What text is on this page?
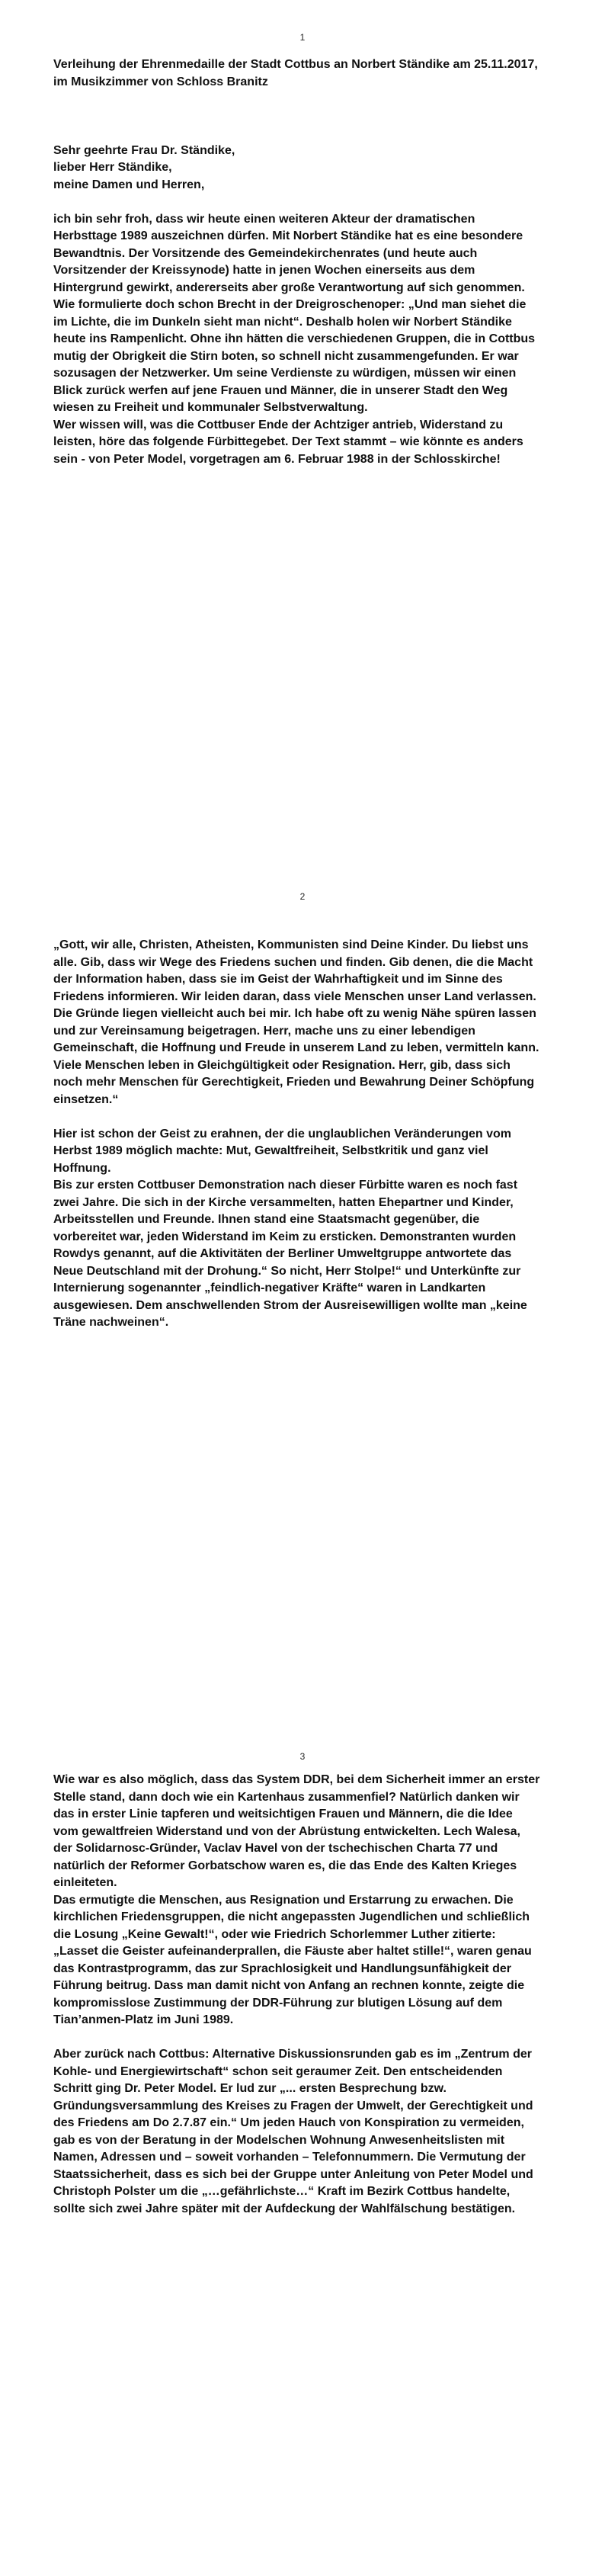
1

Verleihung der Ehrenmedaille der Stadt Cottbus an Norbert Ständike am 25.11.2017, im Musikzimmer von Schloss Branitz

Sehr geehrte Frau Dr. Ständike,

lieber Herr Ständike,

meine Damen und Herren,

ich bin sehr froh, dass wir heute einen weiteren Akteur der dramatischen Herbsttage 1989 auszeichnen dürfen. Mit Norbert Ständike hat es eine besondere Bewandtnis. Der Vorsitzende des Gemeindekirchenrates (und heute auch Vorsitzender der Kreissynode) hatte in jenen Wochen einerseits aus dem Hintergrund gewirkt, andererseits aber große Verantwortung auf sich genommen. Wie formulierte doch schon Brecht in der Dreigroschenoper: „Und man siehet die im Lichte, die im Dunkeln sieht man nicht“. Deshalb holen wir Norbert Ständike heute ins Rampenlicht. Ohne ihn hätten die verschiedenen Gruppen, die in Cottbus mutig der Obrigkeit die Stirn boten, so schnell nicht zusammengefunden. Er war sozusagen der Netzwerker. Um seine Verdienste zu würdigen, müssen wir einen Blick zurück werfen auf jene Frauen und Männer, die in unserer Stadt den Weg wiesen zu Freiheit und kommunaler Selbstverwaltung.

Wer wissen will, was die Cottbuser Ende der Achtziger antrieb, Widerstand zu leisten, höre das folgende Fürbittegebet. Der Text stammt – wie könnte es anders sein - von Peter Model, vorgetragen am 6. Februar 1988 in der Schlosskirche!

2

„Gott, wir alle, Christen, Atheisten, Kommunisten sind Deine Kinder. Du liebst uns alle. Gib, dass wir Wege des Friedens suchen und finden. Gib denen, die die Macht der Information haben, dass sie im Geist der Wahrhaftigkeit und im Sinne des Friedens informieren. Wir leiden daran, dass viele Menschen unser Land verlassen. Die Gründe liegen vielleicht auch bei mir. Ich habe oft zu wenig Nähe spüren lassen und zur Vereinsamung beigetragen. Herr, mache uns zu einer lebendigen Gemeinschaft, die Hoffnung und Freude in unserem Land zu leben, vermitteln kann. Viele Menschen leben in Gleichgültigkeit oder Resignation. Herr, gib, dass sich noch mehr Menschen für Gerechtigkeit, Frieden und Bewahrung Deiner Schöpfung einsetzen.“

Hier ist schon der Geist zu erahnen, der die unglaublichen Veränderungen vom Herbst 1989 möglich machte: Mut, Gewaltfreiheit, Selbstkritik und ganz viel Hoffnung.

Bis zur ersten Cottbuser Demonstration nach dieser Fürbitte waren es noch fast zwei Jahre. Die sich in der Kirche versammelten, hatten Ehepartner und Kinder, Arbeitsstellen und Freunde. Ihnen stand eine Staatsmacht gegenüber, die vorbereitet war, jeden Widerstand im Keim zu ersticken. Demonstranten wurden Rowdys genannt, auf die Aktivitäten der Berliner Umweltgruppe antwortete das Neue Deutschland mit der Drohung.“ So nicht, Herr Stolpe!“ und Unterkünfte zur Internierung sogenannter „feindlich-negativer Kräfte“ waren in Landkarten ausgewiesen. Dem anschwellenden Strom der Ausreisewilligen wollte man „keine Träne nachweinen“.

3

Wie war es also möglich, dass das System DDR, bei dem Sicherheit immer an erster Stelle stand, dann doch wie ein Kartenhaus zusammenfiel? Natürlich danken wir das in erster Linie tapferen und weitsichtigen Frauen und Männern, die die Idee vom gewaltfreien Widerstand und von der Abrüstung entwickelten. Lech Walesa, der Solidarnosc-Gründer, Vaclav Havel von der tschechischen Charta 77 und natürlich der Reformer Gorbatschow waren es, die das Ende des Kalten Krieges einleiteten.

Das ermutigte die Menschen, aus Resignation und Erstarrung zu erwachen. Die kirchlichen Friedensgruppen, die nicht angepassten Jugendlichen und schließlich die Losung „Keine Gewalt!“, oder wie Friedrich Schorlemmer Luther zitierte: „Lasset die Geister aufeinanderprallen, die Fäuste aber haltet stille!“, waren genau das Kontrastprogramm, das zur Sprachlosigkeit und Handlungsunfähigkeit der Führung beitrug. Dass man damit nicht von Anfang an rechnen konnte, zeigte die kompromisslose Zustimmung der DDR-Führung zur blutigen Lösung auf dem Tian’anmen-Platz im Juni 1989.

Aber zurück nach Cottbus: Alternative Diskussionsrunden gab es im „Zentrum der Kohle- und Energiewirtschaft“ schon seit geraumer Zeit. Den entscheidenden Schritt ging Dr. Peter Model. Er lud zur „... ersten Besprechung bzw. Gründungsversammlung des Kreises zu Fragen der Umwelt, der Gerechtigkeit und des Friedens am Do 2.7.87 ein.“ Um jeden Hauch von Konspiration zu vermeiden, gab es von der Beratung in der Modelschen Wohnung Anwesenheitslisten mit Namen, Adressen und – soweit vorhanden – Telefonnummern. Die Vermutung der Staatssicherheit, dass es sich bei der Gruppe unter Anleitung von Peter Model und Christoph Polster um die „…gefährlichste…“ Kraft im Bezirk Cottbus handelte, sollte sich zwei Jahre später mit der Aufdeckung der Wahlfälschung bestätigen.
